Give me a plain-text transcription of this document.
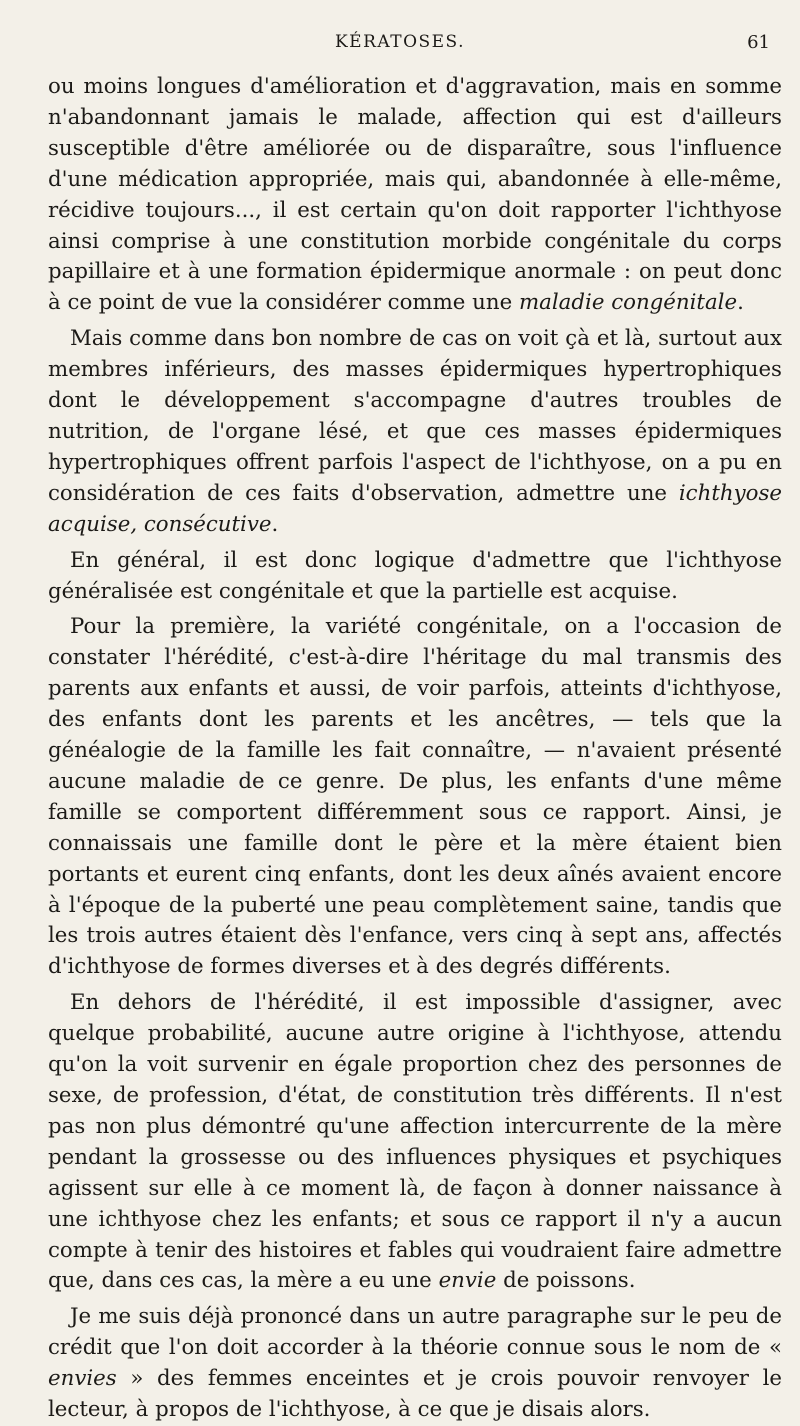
KÉRATOSES.	61

ou moins longues d'amélioration et d'aggravation, mais en somme n'abandonnant jamais le malade, affection qui est d'ailleurs susceptible d'être améliorée ou de disparaître, sous l'influence d'une médication appropriée, mais qui, abandonnée à elle-même, récidive toujours..., il est certain qu'on doit rapporter l'ichthyose ainsi comprise à une constitution morbide congénitale du corps papillaire et à une formation épidermique anormale : on peut donc à ce point de vue la considérer comme une maladie congénitale.

Mais comme dans bon nombre de cas on voit çà et là, surtout aux membres inférieurs, des masses épidermiques hypertrophiques dont le développement s'accompagne d'autres troubles de nutrition, de l'organe lésé, et que ces masses épidermiques hypertrophiques offrent parfois l'aspect de l'ichthyose, on a pu en considération de ces faits d'observation, admettre une ichthyose acquise, consécutive.

En général, il est donc logique d'admettre que l'ichthyose généralisée est congénitale et que la partielle est acquise.

Pour la première, la variété congénitale, on a l'occasion de constater l'hérédité, c'est-à-dire l'héritage du mal transmis des parents aux enfants et aussi, de voir parfois, atteints d'ichthyose, des enfants dont les parents et les ancêtres, — tels que la généalogie de la famille les fait connaître, — n'avaient présenté aucune maladie de ce genre. De plus, les enfants d'une même famille se comportent différemment sous ce rapport. Ainsi, je connaissais une famille dont le père et la mère étaient bien portants et eurent cinq enfants, dont les deux aînés avaient encore à l'époque de la puberté une peau complètement saine, tandis que les trois autres étaient dès l'enfance, vers cinq à sept ans, affectés d'ichthyose de formes diverses et à des degrés différents.

En dehors de l'hérédité, il est impossible d'assigner, avec quelque probabilité, aucune autre origine à l'ichthyose, attendu qu'on la voit survenir en égale proportion chez des personnes de sexe, de profession, d'état, de constitution très différents. Il n'est pas non plus démontré qu'une affection intercurrente de la mère pendant la grossesse ou des influences physiques et psychiques agissent sur elle à ce moment là, de façon à donner naissance à une ichthyose chez les enfants; et sous ce rapport il n'y a aucun compte à tenir des histoires et fables qui voudraient faire admettre que, dans ces cas, la mère a eu une envie de poissons.

Je me suis déjà prononcé dans un autre paragraphe sur le peu de crédit que l'on doit accorder à la théorie connue sous le nom de « envies » des femmes enceintes et je crois pouvoir renvoyer le lecteur, à propos de l'ichthyose, à ce que je disais alors.
